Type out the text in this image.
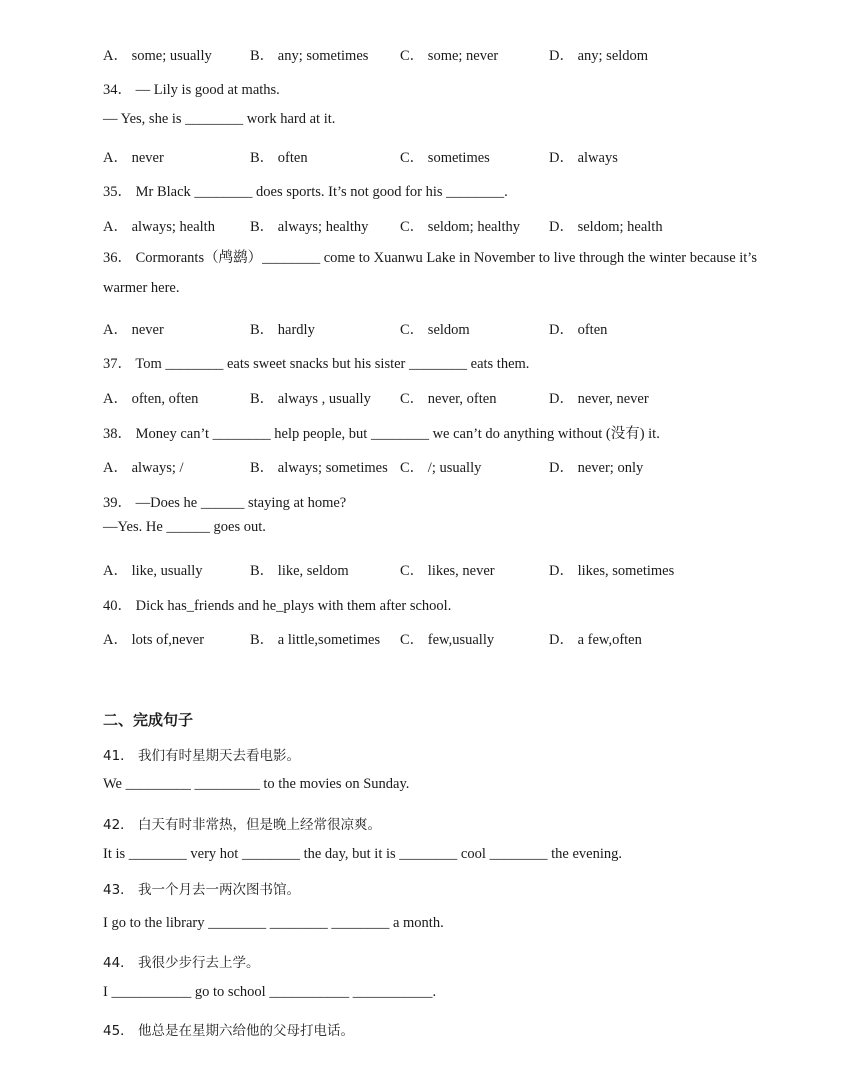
A． some; usually	B． any; sometimes C． some; never	D． any; seldom
34． — Lily is good at maths.
— Yes, she is ________ work hard at it.
A． never	B． often	C． sometimes	D． always
35． Mr Black ________ does sports. It’s not good for his ________.
A． always; health B． always; healthy C． seldom; healthy D． seldom; health
36． Cormorants（鸬鹚）________ come to Xuanwu Lake in November to live through the winter because it’s warmer here.
A． never	B． hardly	C． seldom	D． often
37． Tom ________ eats sweet snacks but his sister ________ eats them.
A． often, often	B． always , usually C． never, often	D． never, never
38． Money can’t ________ help people, but ________ we can’t do anything without (没有) it.
A． always; /	B． always; sometimes C． /; usually	D． never; only
39． —Does he ______ staying at home?
—Yes. He ______ goes out.
A． like, usually	B． like, seldom	C． likes, never	D． likes, sometimes
40． Dick has_friends and he_plays with them after school.
A． lots of,never	B． a little,sometimes C． few,usually	D． a few,often
二、完成句子
41． 我们有时星期天去看电影。
We _________ _________ to the movies on Sunday.
42． 白天有时非常热，但是晚上经常很凉爽。
It is ________ very hot ________ the day, but it is ________ cool ________ the evening.
43． 我一个月去一两次图书馆。
I go to the library ________ ________ ________ a month.
44． 我很少步行去上学。
I ___________ go to school ___________ ___________.
45． 他总是在星期六给他的父母打电话。
